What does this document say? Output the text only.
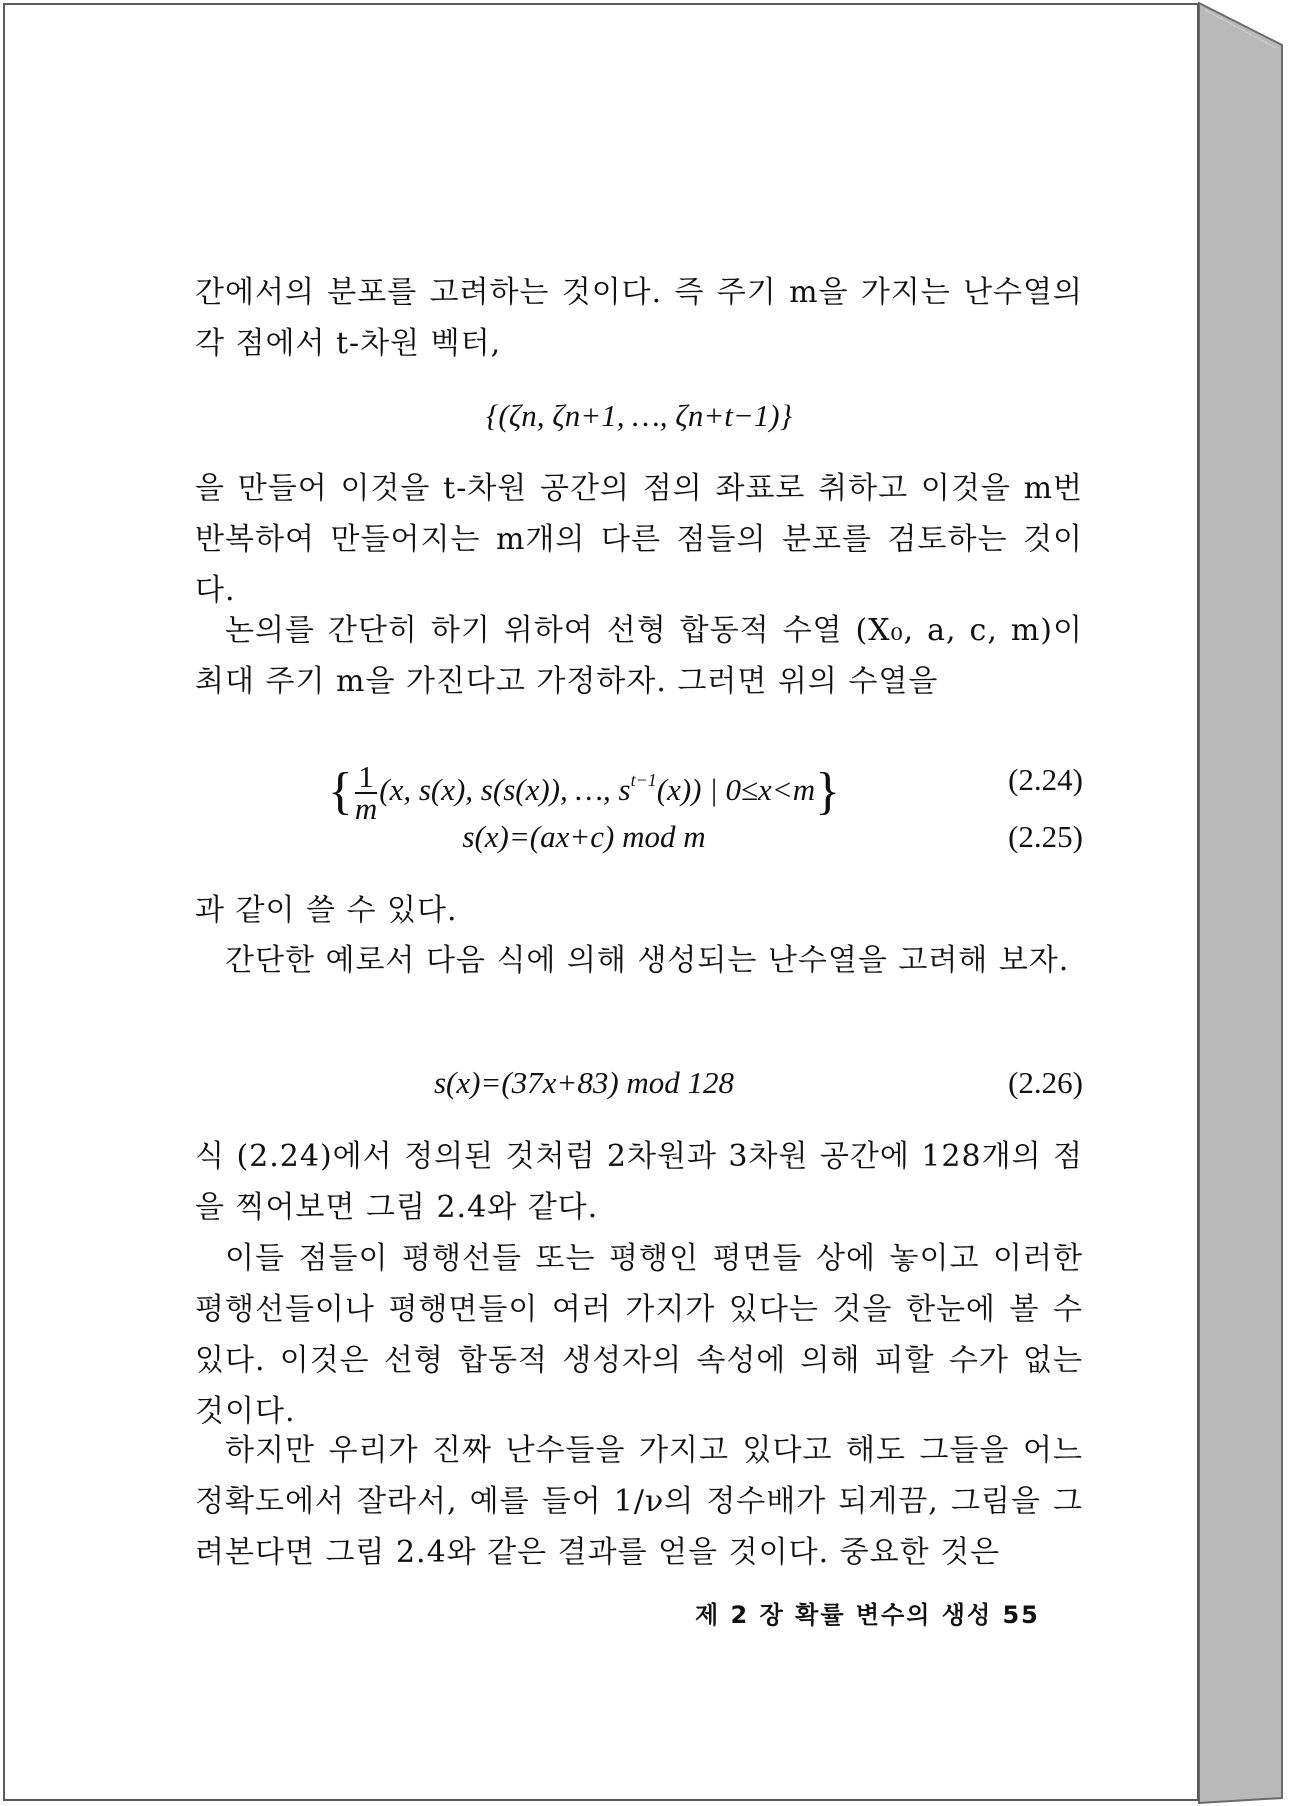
간에서의 분포를 고려하는 것이다. 즉 주기 m을 가지는 난수열의 각 점에서 t-차원 벡터,

{(ζn, ζn+1, …, ζn+t−1)}

을 만들어 이것을 t-차원 공간의 점의 좌표로 취하고 이것을 m번 반복하여 만들어지는 m개의 다른 점들의 분포를 검토하는 것이다.

논의를 간단히 하기 위하여 선형 합동적 수열 (X₀, a, c, m)이 최대 주기 m을 가진다고 가정하자. 그러면 위의 수열을

{ $\frac{1}{m} (x$, s(x), s(s(x)), …, $s^{t-1}(x)$) | 0≤x<m}	(2.24)
s(x)=(ax+c) mod m	(2.25)

과 같이 쓸 수 있다.

간단한 예로서 다음 식에 의해 생성되는 난수열을 고려해 보자.

s(x)=(37x+83) mod 128	(2.26)

식 (2.24)에서 정의된 것처럼 2차원과 3차원 공간에 128개의 점을 찍어보면 그림 2.4와 같다.

이들 점들이 평행선들 또는 평행인 평면들 상에 놓이고 이러한 평행선들이나 평행면들이 여러 가지가 있다는 것을 한눈에 볼 수 있다. 이것은 선형 합동적 생성자의 속성에 의해 피할 수가 없는 것이다.

하지만 우리가 진짜 난수들을 가지고 있다고 해도 그들을 어느 정확도에서 잘라서, 예를 들어 1/ν의 정수배가 되게끔, 그림을 그려본다면 그림 2.4와 같은 결과를 얻을 것이다. 중요한 것은

제 2 장 확률 변수의 생성 55
